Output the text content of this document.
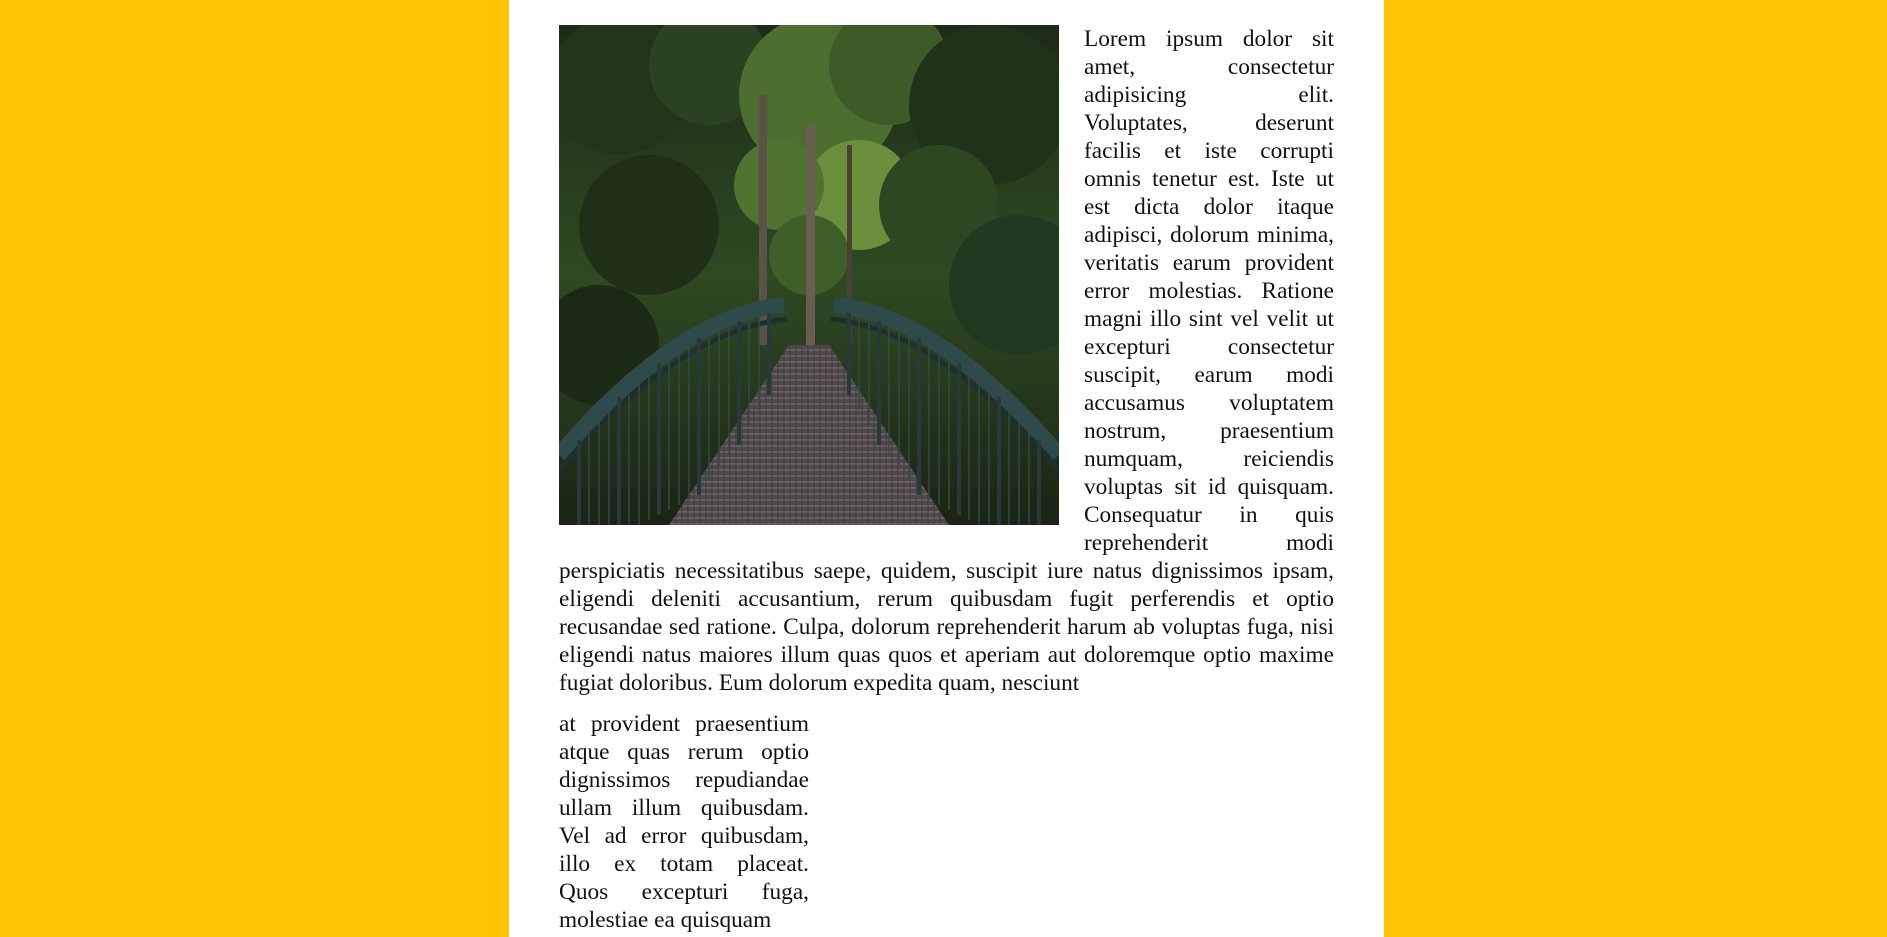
Lorem ipsum dolor sit amet, consectetur adipisicing elit. Voluptates, deserunt facilis et iste corrupti omnis tenetur est. Iste ut est dicta dolor itaque adipisci, dolorum minima, veritatis earum provident error molestias. Ratione magni illo sint vel velit ut excepturi consectetur suscipit, earum modi accusamus voluptatem nostrum, praesentium numquam, reiciendis voluptas sit id quisquam. Consequatur in quis reprehenderit modi perspiciatis necessitatibus saepe, quidem, suscipit iure natus dignissimos ipsam, eligendi deleniti accusantium, rerum quibusdam fugit perferendis et optio recusandae sed ratione. Culpa, dolorum reprehenderit harum ab voluptas fuga, nisi eligendi natus maiores illum quas quos et aperiam aut doloremque optio maxime fugiat doloribus. Eum dolorum expedita quam, nesciunt

at provident praesentium atque quas rerum optio dignissimos repudiandae ullam illum quibusdam. Vel ad error quibusdam, illo ex totam placeat. Quos excepturi fuga, molestiae ea quisquam
